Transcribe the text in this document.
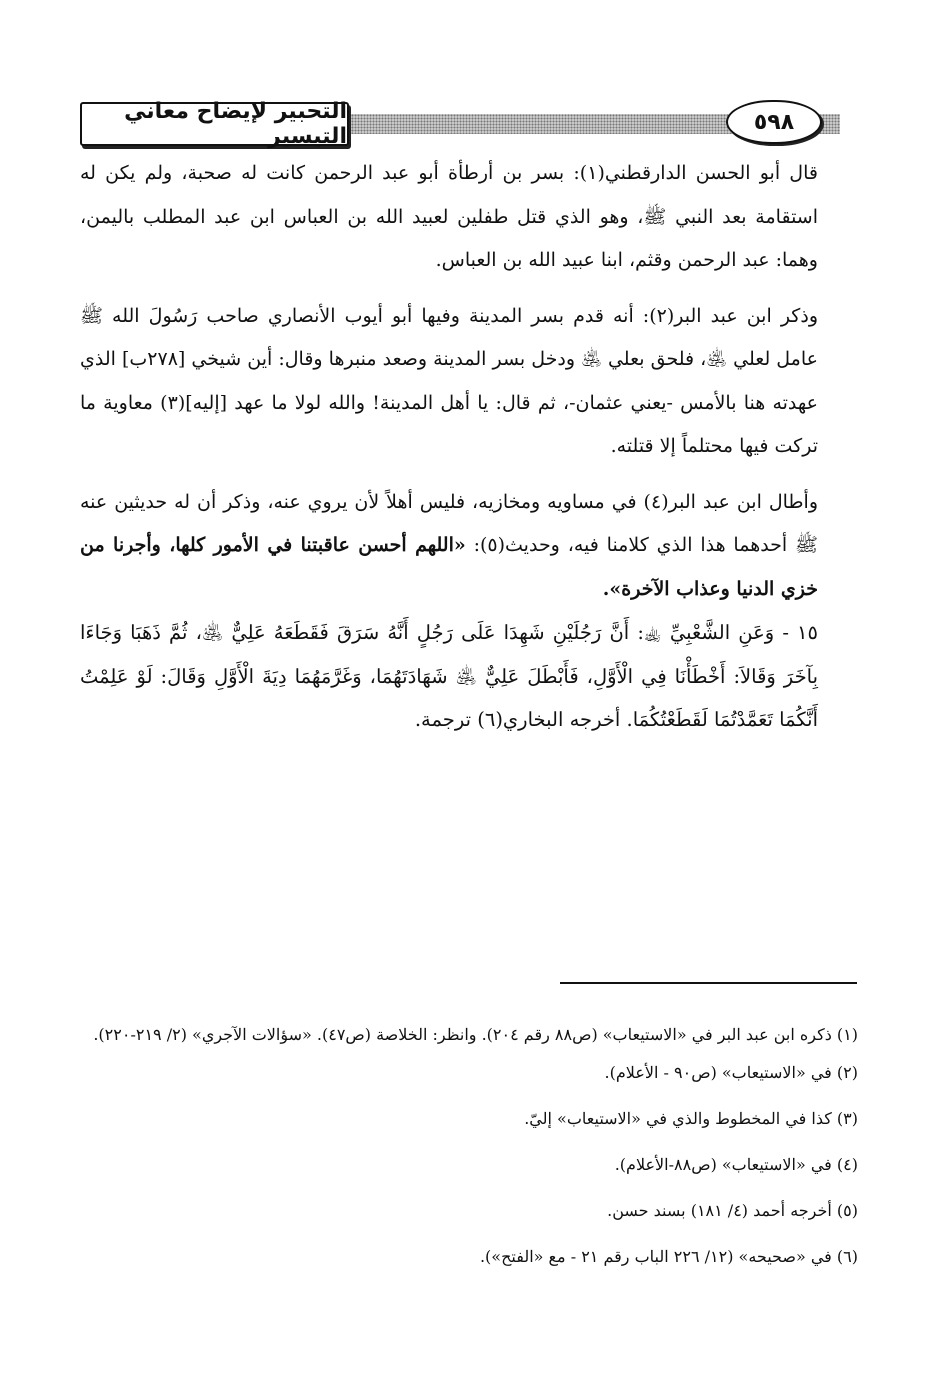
التحبير لإيضاح معاني التيسير
٥٩٨

قال أبو الحسن الدارقطني(١): بسر بن أرطأة أبو عبد الرحمن كانت له صحبة، ولم يكن له استقامة بعد النبي ﷺ، وهو الذي قتل طفلين لعبيد الله بن العباس ابن عبد المطلب باليمن، وهما: عبد الرحمن وقثم، ابنا عبيد الله بن العباس.

وذكر ابن عبد البر(٢): أنه قدم بسر المدينة وفيها أبو أيوب الأنصاري صاحب رَسُولَ الله ﷺ عامل لعلي ﵁، فلحق بعلي ﵁ ودخل بسر المدينة وصعد منبرها وقال: أين شيخي [٢٧٨ب] الذي عهدته هنا بالأمس -يعني عثمان-، ثم قال: يا أهل المدينة! والله لولا ما عهد [إليه](٣) معاوية ما تركت فيها محتلماً إلا قتلته.

وأطال ابن عبد البر(٤) في مساويه ومخازيه، فليس أهلاً لأن يروي عنه، وذكر أن له حديثين عنه ﷺ أحدهما هذا الذي كلامنا فيه، وحديث(٥): «اللهم أحسن عاقبتنا في الأمور كلها، وأجرنا من خزي الدنيا وعذاب الآخرة».

١٥ - وَعَنِ الشَّعْبِيِّ ﵀: أَنَّ رَجُلَيْنِ شَهِدَا عَلَى رَجُلٍ أَنَّهُ سَرَقَ فَقَطَعَهُ عَلِيٌّ ﵁، ثُمَّ ذَهَبَا وَجَاءَا بِآخَرَ وَقَالاَ: أَخْطَأْنَا فِي الْأَوَّلِ، فَأَبْطَلَ عَلِيٌّ ﵁ شَهَادَتَهُمَا، وَغَرَّمَهُمَا دِيَةَ الْأَوَّلِ وَقَالَ: لَوْ عَلِمْتُ أَنَّكُمَا تَعَمَّدْتُمَا لَقَطَعْتُكُمَا. أخرجه البخاري(٦) ترجمة.

(١) ذكره ابن عبد البر في «الاستيعاب» (ص٨٨ رقم ٢٠٤). وانظر: الخلاصة (ص٤٧). «سؤالات الآجري» (٢/ ٢١٩-٢٢٠).
(٢) في «الاستيعاب» (ص٩٠ - الأعلام).
(٣) كذا في المخطوط والذي في «الاستيعاب» إليّ.
(٤) في «الاستيعاب» (ص٨٨-الأعلام).
(٥) أخرجه أحمد (٤/ ١٨١) بسند حسن.
(٦) في «صحيحه» (١٢/ ٢٢٦ الباب رقم ٢١ - مع «الفتح»).
